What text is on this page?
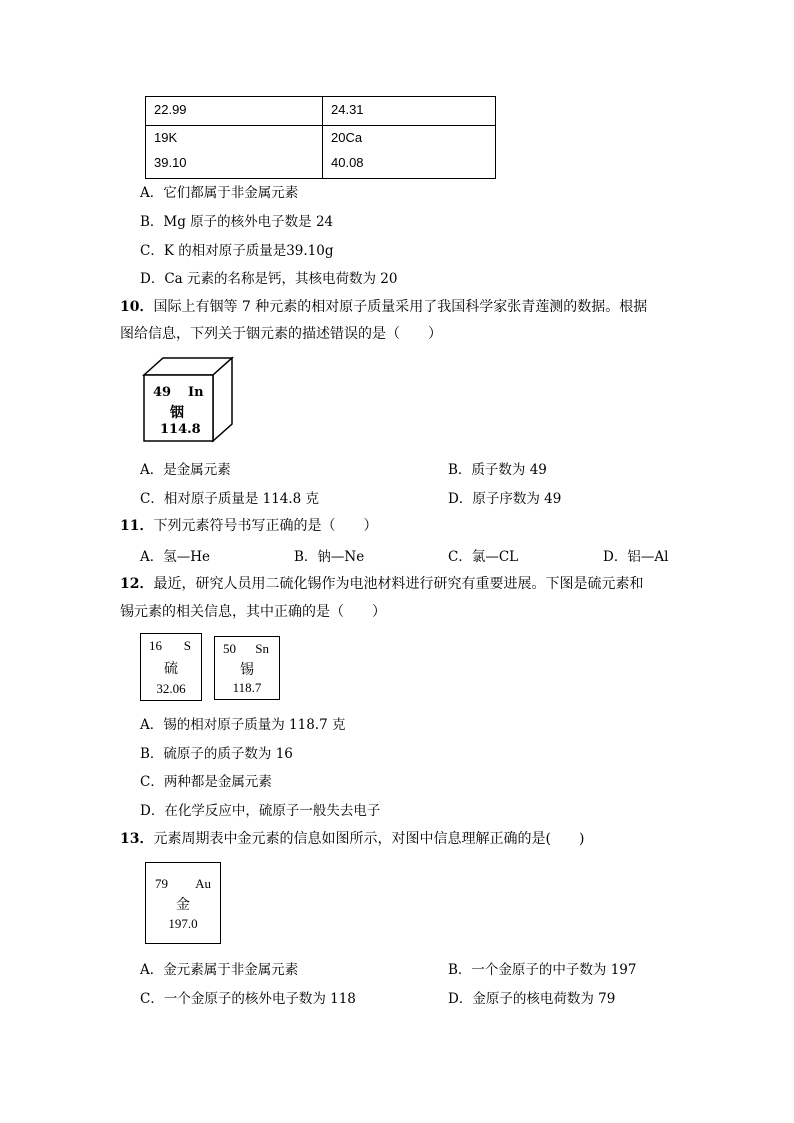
22.99	24.31
19K	20Ca
39.10	40.08
A．它们都属于非金属元素
B．Mg 原子的核外电子数是 24
C．K 的相对原子质量是39.10g
D．Ca 元素的名称是钙，其核电荷数为 20
10．国际上有铟等 7 种元素的相对原子质量采用了我国科学家张青莲测的数据。根据
图给信息，下列关于铟元素的描述错误的是（　　）
49 In
铟
114.8
A．是金属元素	B．质子数为 49
C．相对原子质量是 114.8 克	D．原子序数为 49
11．下列元素符号书写正确的是（　　）
A．氢—He	B．钠—Ne	C．氯—CL	D．铝—Al
12．最近，研究人员用二硫化锡作为电池材料进行研究有重要进展。下图是硫元素和
锡元素的相关信息，其中正确的是（　　）
16 S
硫
32.06
50 Sn
锡
118.7
A．锡的相对原子质量为 118.7 克
B．硫原子的质子数为 16
C．两种都是金属元素
D．在化学反应中，硫原子一般失去电子
13．元素周期表中金元素的信息如图所示，对图中信息理解正确的是(　　)
79 Au
金
197.0
A．金元素属于非金属元素	B．一个金原子的中子数为 197
C．一个金原子的核外电子数为 118	D．金原子的核电荷数为 79
